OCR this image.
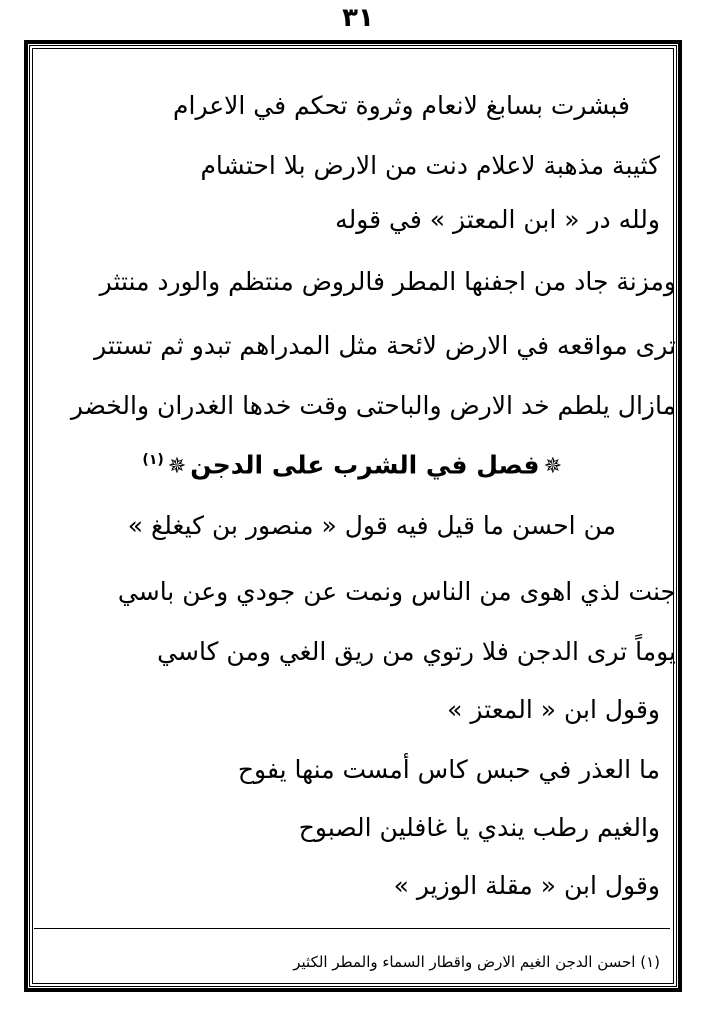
٣١
فبشرت بسابغ لانعام وثروة تحكم في الاعرام
كثيبة مذهبة لاعلام دنت من الارض بلا احتشام
ولله در « ابن المعتز » في قوله
ومزنة جاد من اجفنها المطر فالروض منتظم والورد منتثر
ترى مواقعه في الارض لائحة مثل المدراهم تبدو ثم تستتر
مازال يلطم خد الارض والباحتى وقت خدها الغدران والخضر
✵فصل في الشرب على الدجن✵$^{(١)}$
من احسن ما قيل فيه قول « منصور بن كيغلغ »
جنت لذي اهوى من الناس ونمت عن جودي وعن باسي
يوماً ترى الدجن فلا رتوي من ريق الغي ومن كاسي
وقول ابن « المعتز »
ما العذر في حبس كاس أمست منها يفوح
والغيم رطب يندي يا غافلين الصبوح
وقول ابن « مقلة الوزير »
(١) احسن الدجن الغيم الارض واقطار السماء والمطر الكثير
